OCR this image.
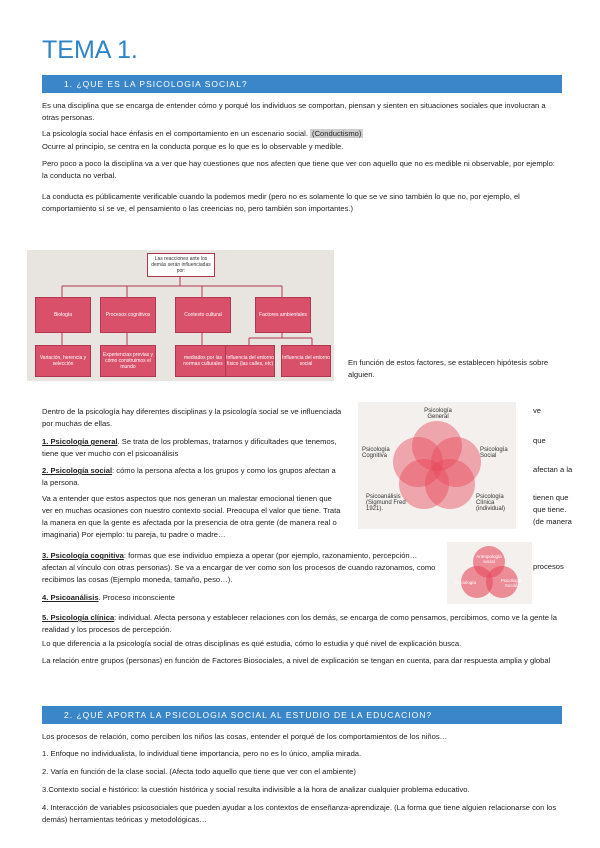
TEMA 1.
1. ¿QUE ES LA PSICOLOGIA SOCIAL?
Es una disciplina que se encarga de entender cómo y porqué los individuos se comportan, piensan y sienten en situaciones sociales que involucran a otras personas.
La psicología social hace énfasis en el comportamiento en un escenario social. (Conductismo)
Ocurre al principio, se centra en la conducta porque es lo que es lo observable y medible.
Pero poco a poco la disciplina va a ver que hay cuestiones que nos afecten que tiene que ver con aquello que no es medible ni observable, por ejemplo: la conducta no verbal.
La conducta es públicamente verificable cuando la podemos medir (pero no es solamente lo que se ve sino también lo que no, por ejemplo, el comportamiento sí se ve, el pensamiento o las creencias no, pero también son importantes.)
Las reacciones ante los demás serán influenciadas por:
Biología	Procesos cognitivos	Contexto cultural	Factores ambientales
Variación, herencia y selección
Experiencias previas y cómo construimos el mundo
mediados por las normas culturales
Influencia del entorno físico (las calles, etc)
Influencia del entorno social	En función de estos factores, se establecen hipótesis sobre alguien.
Dentro de la psicología hay diferentes disciplinas y la psicología social se ve influenciada por muchas de ellas.
ve
1. Psicología general. Se trata de los problemas, tratarnos y dificultades que tenemos, tiene que ver mucho con el psicoanálisis
que
2. Psicología social: cómo la persona afecta a los grupos y como los grupos afectan a la persona.
afectan a la
Va a entender que estos aspectos que nos generan un malestar emocional tienen que ver en muchas ocasiones con nuestro contexto social. Preocupa el valor que tiene. Trata la manera en que la gente es afectada por la presencia de otra gente (de manera real o imaginaria) Por ejemplo: tu pareja, tu padre o madre…
tienen que
que tiene.
(de manera
Psicología General
Psicología Cognitiva
Psicología Social
Psicoanálisis (Sigmund Fred 1921).
Psicología Clínica (individual)
3. Psicología cognitiva: formas que ese individuo empieza a operar (por ejemplo, razonamiento, percepción… afectan al vínculo con otras personas). Se va a encargar de ver como son los procesos de cuando razonamos, como recibimos las cosas (Ejemplo moneda, tamaño, peso…).
procesos
Antropología social
Sociología	Psicología Social
4. Psicoanálisis. Proceso inconsciente
5. Psicología clínica: individual. Afecta persona y establecer relaciones con los demás, se encarga de como pensamos, percibimos, como ve la gente la realidad y los procesos de percepción.
Lo que diferencia a la psicología social de otras disciplinas es qué estudia, cómo lo estudia y qué nivel de explicación busca.
La relación entre grupos (personas) en función de Factores Biosociales, a nivel de explicación se tengan en cuenta, para dar respuesta amplia y global
2. ¿QUÉ APORTA LA PSICOLOGIA SOCIAL AL ESTUDIO DE LA EDUCACION?
Los procesos de relación, como perciben los niños las cosas, entender el porqué de los comportamientos de los niños…
1. Enfoque no individualista, lo individual tiene importancia, pero no es lo único, amplia mirada.
2. Varía en función de la clase social. (Afecta todo aquello que tiene que ver con el ambiente)
3.Contexto social e histórico: la cuestión histórica y social resulta indivisible a la hora de analizar cualquier problema educativo.
4. Interacción de variables psicosociales que pueden ayudar a los contextos de enseñanza-aprendizaje. (La forma que tiene alguien relacionarse con los demás) herramientas teóricas y metodológicas…
